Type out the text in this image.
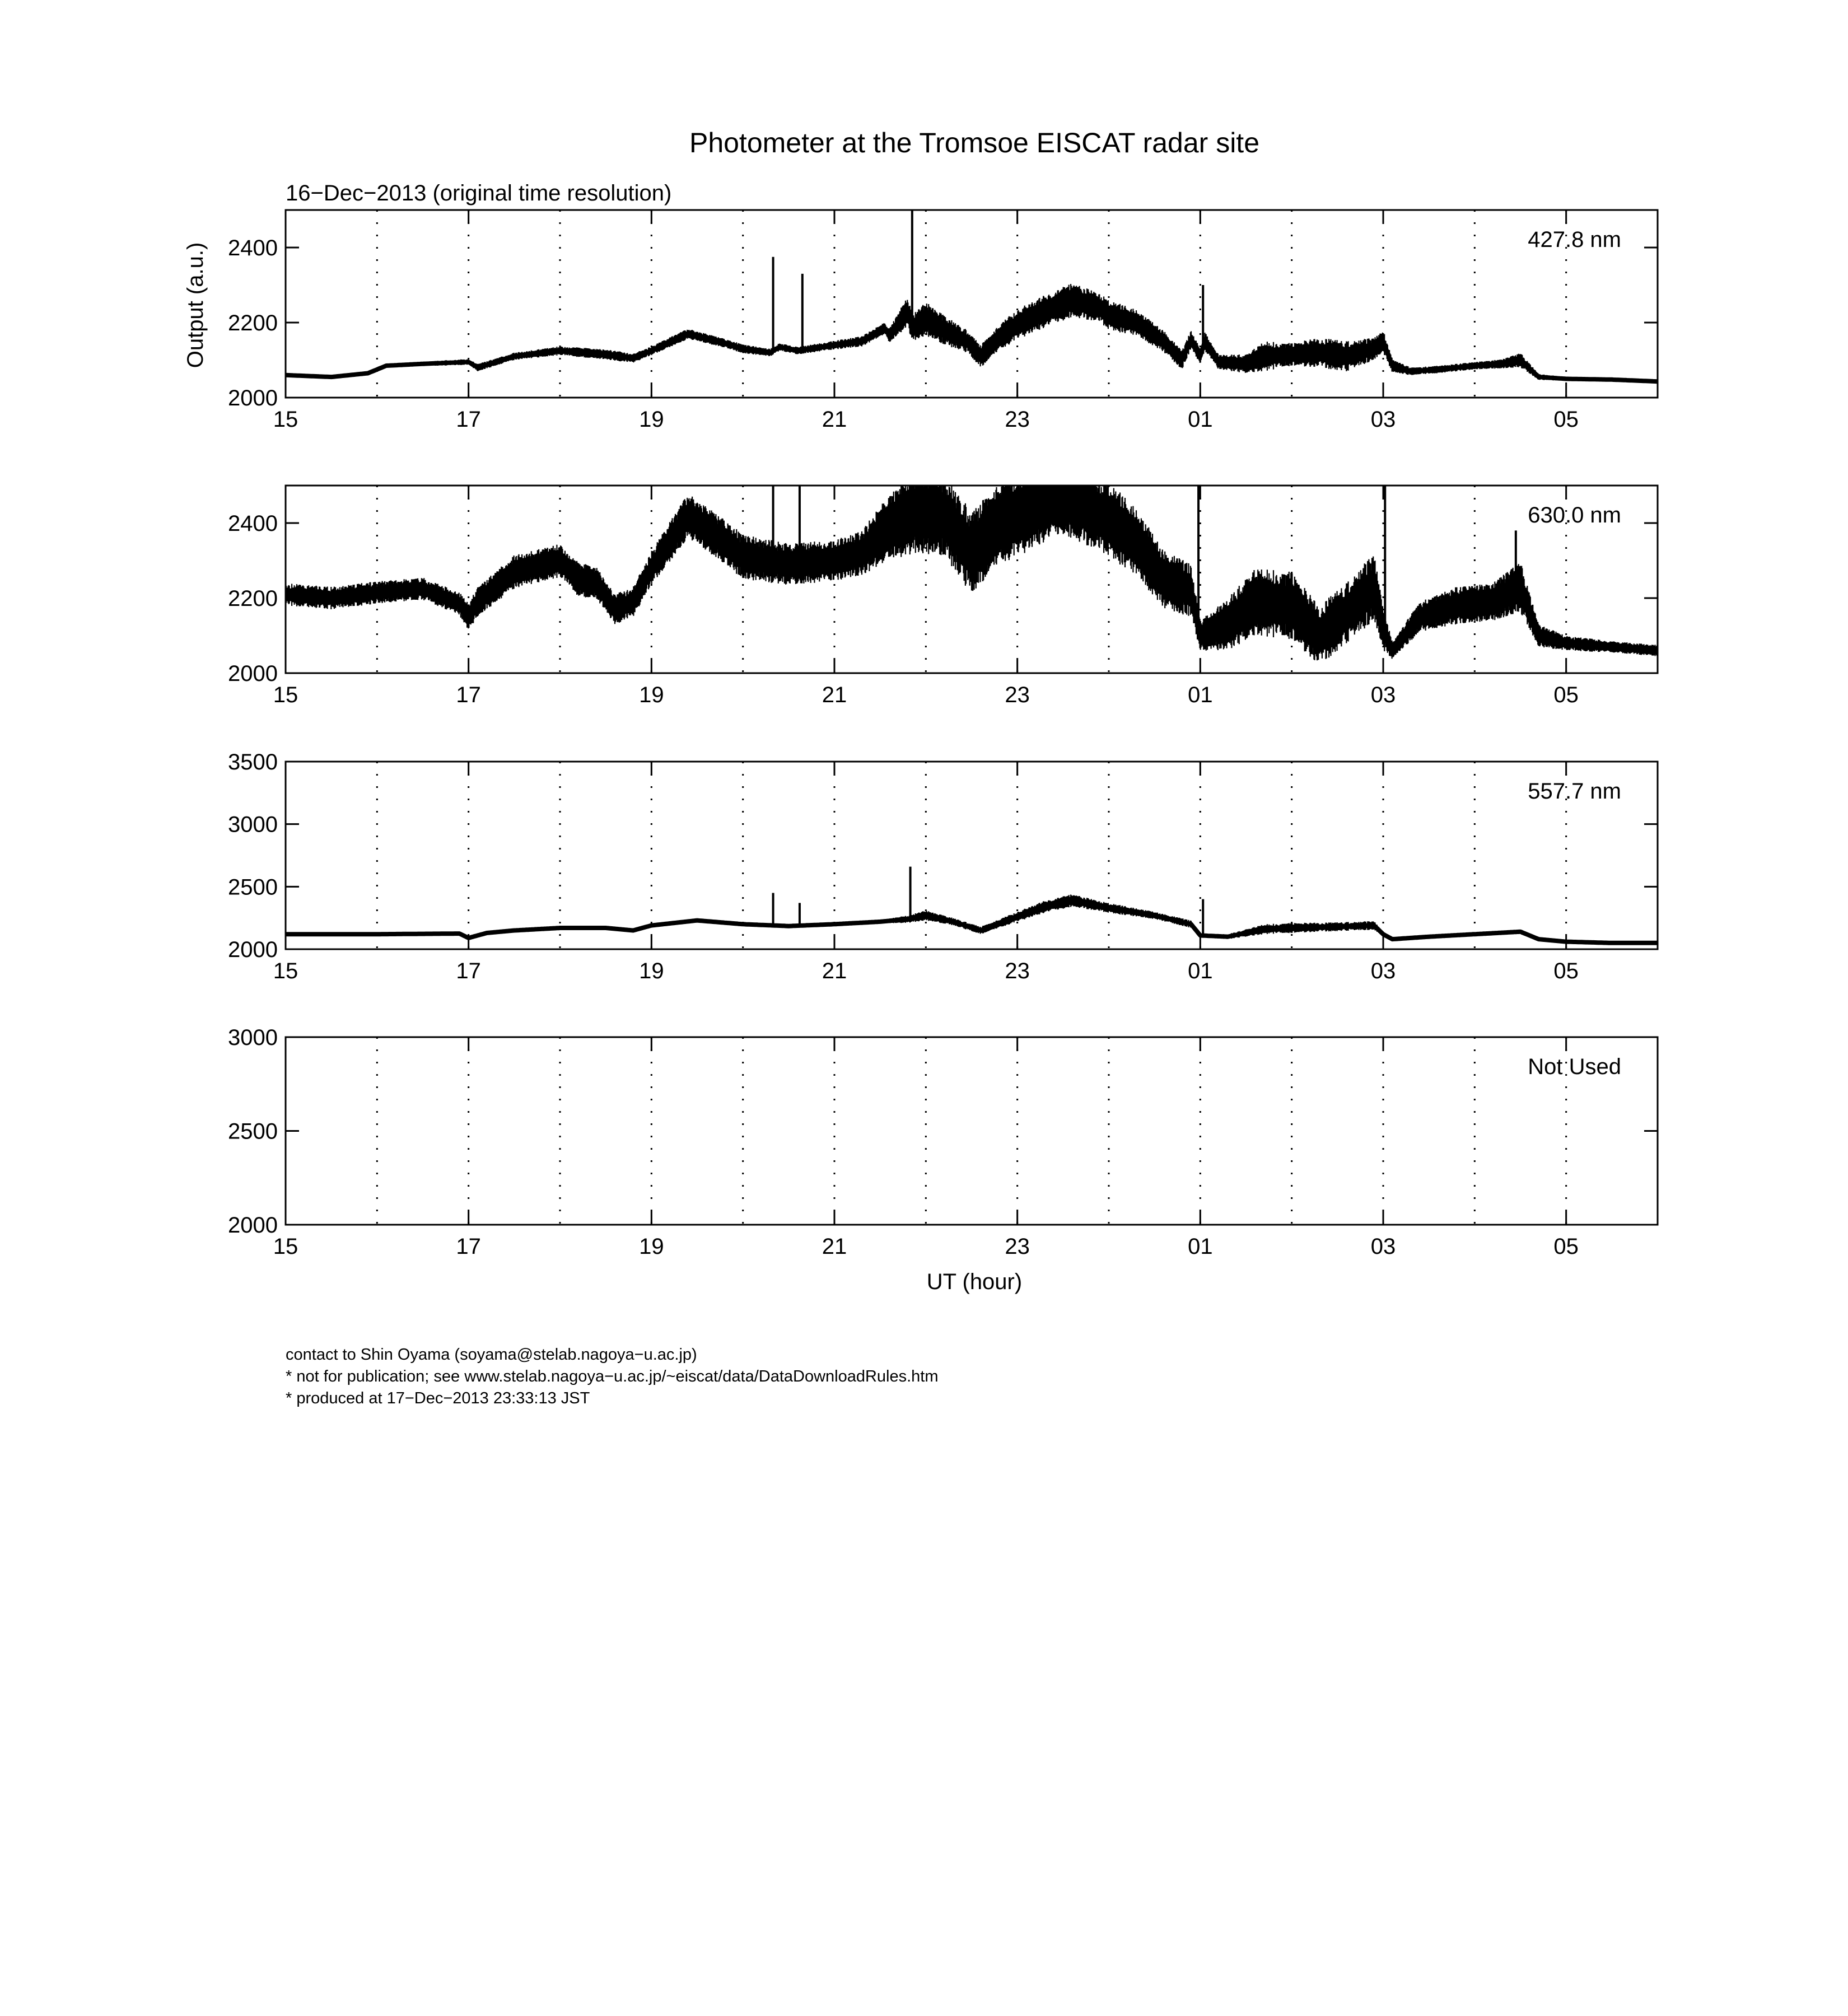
Photometer at the Tromsoe EISCAT radar site
16−Dec−2013 (original time resolution)
Output (a.u.)
15	17	19	21	23	01	03	05
2000
2200
2400	427.8 nm
15	17	19	21	23	01	03	05
2000
2200
2400	630.0 nm
15	17	19	21	23	01	03	05
2000
2500
3000
3500
557.7 nm
15	17	19	21	23	01	03	05
2000
2500
3000
Not Used
UT (hour)
contact to Shin Oyama (soyama@stelab.nagoya−u.ac.jp)
* not for publication; see www.stelab.nagoya−u.ac.jp/~eiscat/data/DataDownloadRules.htm
* produced at 17−Dec−2013 23:33:13 JST
